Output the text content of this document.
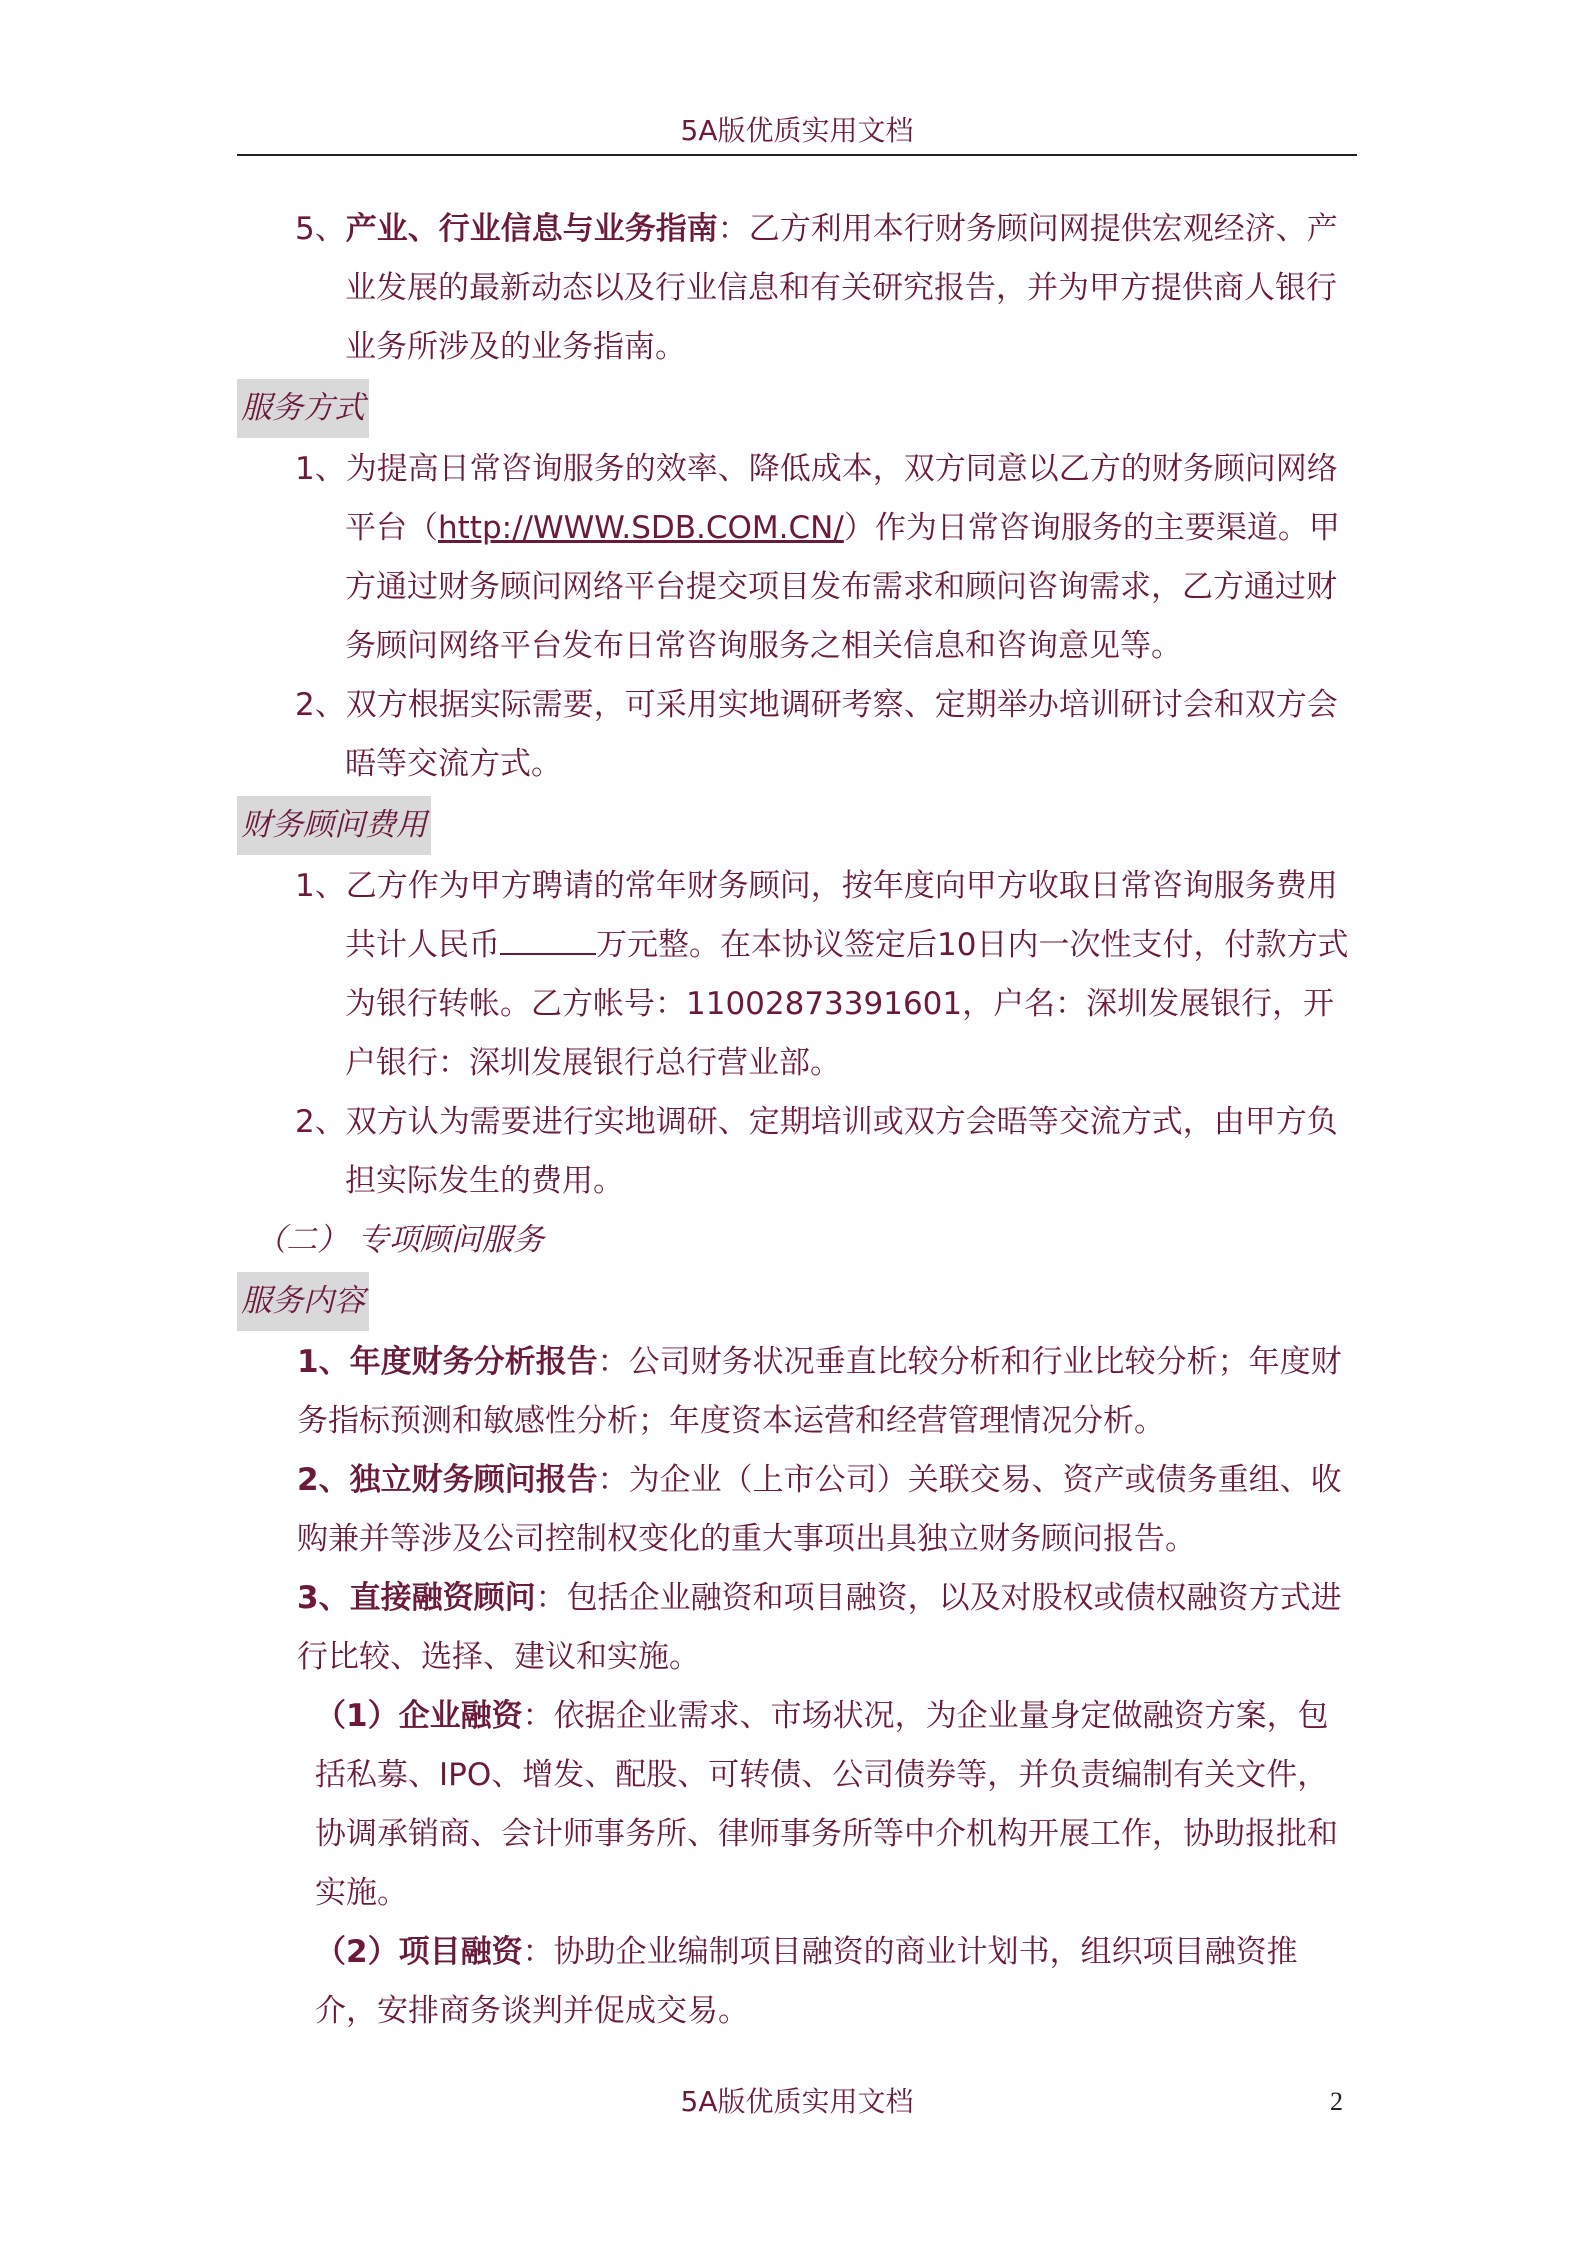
5A版优质实用文档

5、产业、行业信息与业务指南：乙方利用本行财务顾问网提供宏观经济、产业发展的最新动态以及行业信息和有关研究报告，并为甲方提供商人银行业务所涉及的业务指南。

服务方式

1、为提高日常咨询服务的效率、降低成本，双方同意以乙方的财务顾问网络平台（http://WWW.SDB.COM.CN/）作为日常咨询服务的主要渠道。甲方通过财务顾问网络平台提交项目发布需求和顾问咨询需求，乙方通过财务顾问网络平台发布日常咨询服务之相关信息和咨询意见等。

2、双方根据实际需要，可采用实地调研考察、定期举办培训研讨会和双方会晤等交流方式。

财务顾问费用

1、乙方作为甲方聘请的常年财务顾问，按年度向甲方收取日常咨询服务费用共计人民币	万元整。在本协议签定后10日内一次性支付，付款方式为银行转帐。乙方帐号：11002873391601，户名：深圳发展银行，开户银行：深圳发展银行总行营业部。

2、双方认为需要进行实地调研、定期培训或双方会晤等交流方式，由甲方负担实际发生的费用。

（二） 专项顾问服务
服务内容

1、年度财务分析报告：公司财务状况垂直比较分析和行业比较分析；年度财务指标预测和敏感性分析；年度资本运营和经营管理情况分析。

2、独立财务顾问报告：为企业（上市公司）关联交易、资产或债务重组、收购兼并等涉及公司控制权变化的重大事项出具独立财务顾问报告。

3、直接融资顾问：包括企业融资和项目融资，以及对股权或债权融资方式进行比较、选择、建议和实施。

（1）企业融资：依据企业需求、市场状况，为企业量身定做融资方案，包括私募、IPO、增发、配股、可转债、公司债券等，并负责编制有关文件，协调承销商、会计师事务所、律师事务所等中介机构开展工作，协助报批和实施。

（2）项目融资：协助企业编制项目融资的商业计划书，组织项目融资推介，安排商务谈判并促成交易。

5A版优质实用文档	2
